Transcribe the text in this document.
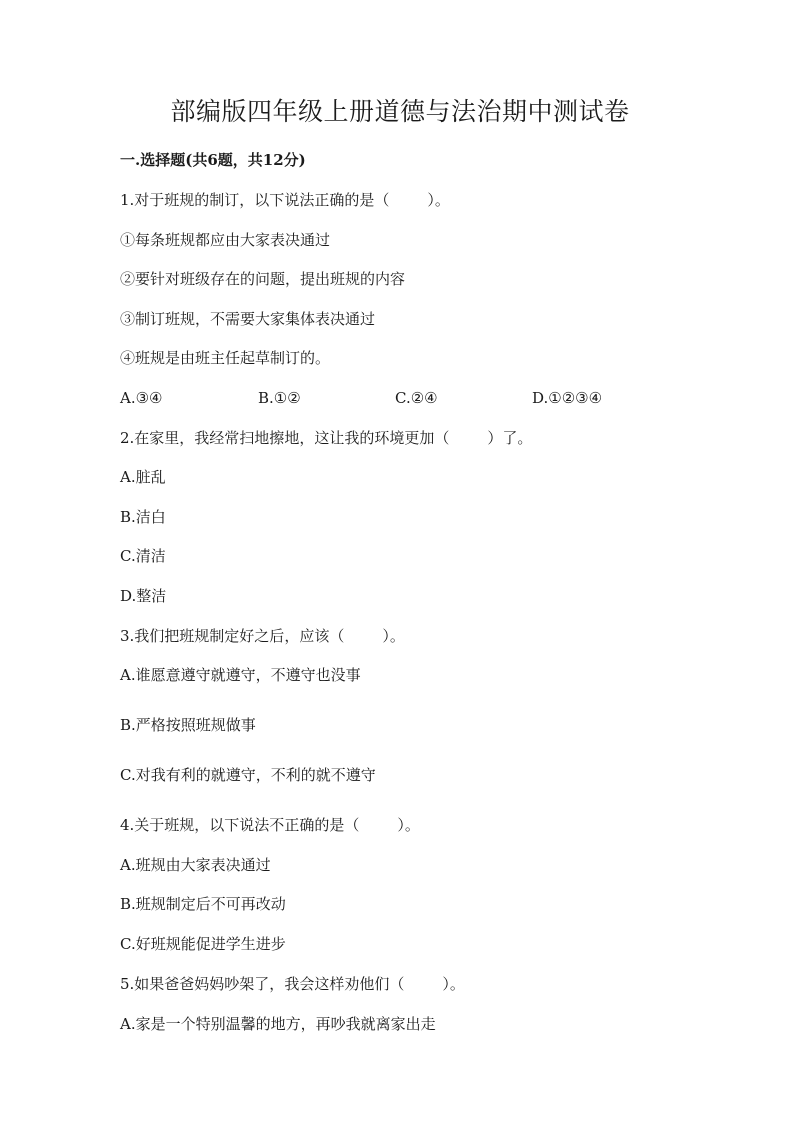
部编版四年级上册道德与法治期中测试卷
一.选择题(共6题，共12分)
1.对于班规的制订，以下说法正确的是（	）。
①每条班规都应由大家表决通过
②要针对班级存在的问题，提出班规的内容
③制订班规，不需要大家集体表决通过
④班规是由班主任起草制订的。
A.③④	B.①②	C.②④	D.①②③④
2.在家里，我经常扫地擦地，这让我的环境更加（	）了。
A.脏乱
B.洁白
C.清洁
D.整洁
3.我们把班规制定好之后，应该（	）。
A.谁愿意遵守就遵守，不遵守也没事
B.严格按照班规做事
C.对我有利的就遵守，不利的就不遵守
4.关于班规，以下说法不正确的是（	）。
A.班规由大家表决通过
B.班规制定后不可再改动
C.好班规能促进学生进步
5.如果爸爸妈妈吵架了，我会这样劝他们（	）。
A.家是一个特别温馨的地方，再吵我就离家出走
